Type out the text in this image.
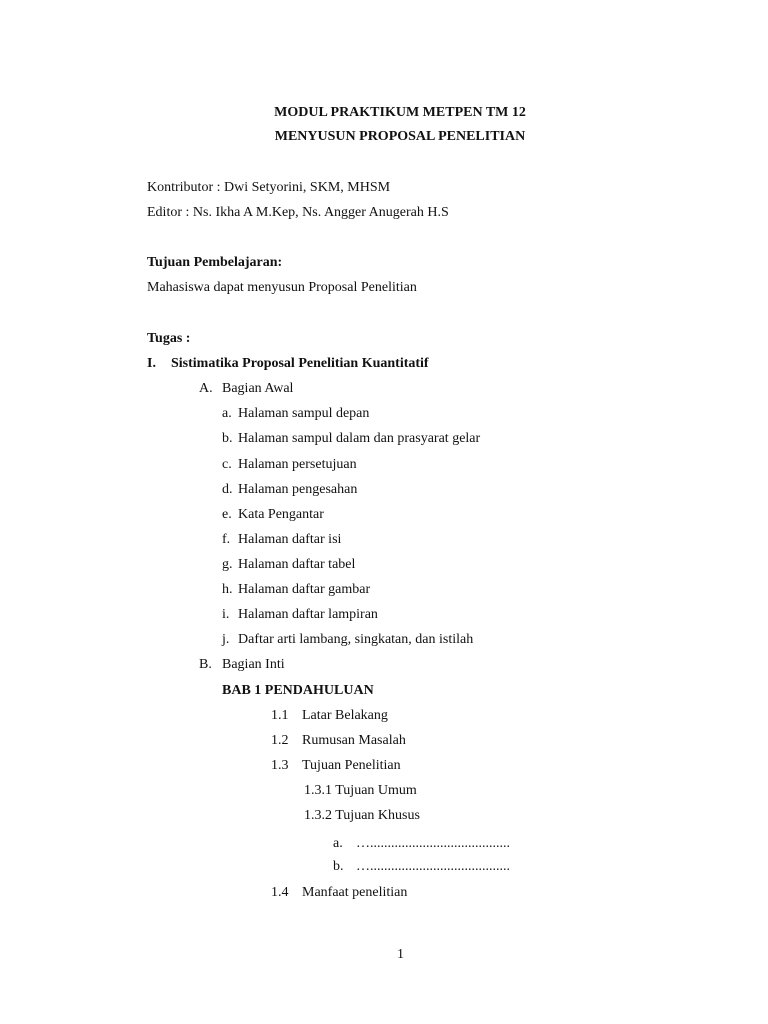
MODUL PRAKTIKUM METPEN TM 12
MENYUSUN PROPOSAL PENELITIAN
Kontributor : Dwi Setyorini, SKM, MHSM
Editor : Ns. Ikha A M.Kep, Ns. Angger Anugerah H.S
Tujuan Pembelajaran:
Mahasiswa dapat menyusun Proposal Penelitian
Tugas :
I. Sistimatika Proposal Penelitian Kuantitatif
A. Bagian Awal
a. Halaman sampul depan
b. Halaman sampul dalam dan prasyarat gelar
c. Halaman persetujuan
d. Halaman pengesahan
e. Kata Pengantar
f. Halaman daftar isi
g. Halaman daftar tabel
h. Halaman daftar gambar
i. Halaman daftar lampiran
j. Daftar arti lambang, singkatan, dan istilah
B. Bagian Inti
BAB 1 PENDAHULUAN
1.1 Latar Belakang
1.2 Rumusan Masalah
1.3 Tujuan Penelitian
1.3.1 Tujuan Umum
1.3.2 Tujuan Khusus
a. …........................................
b. …........................................
1.4 Manfaat penelitian
1
